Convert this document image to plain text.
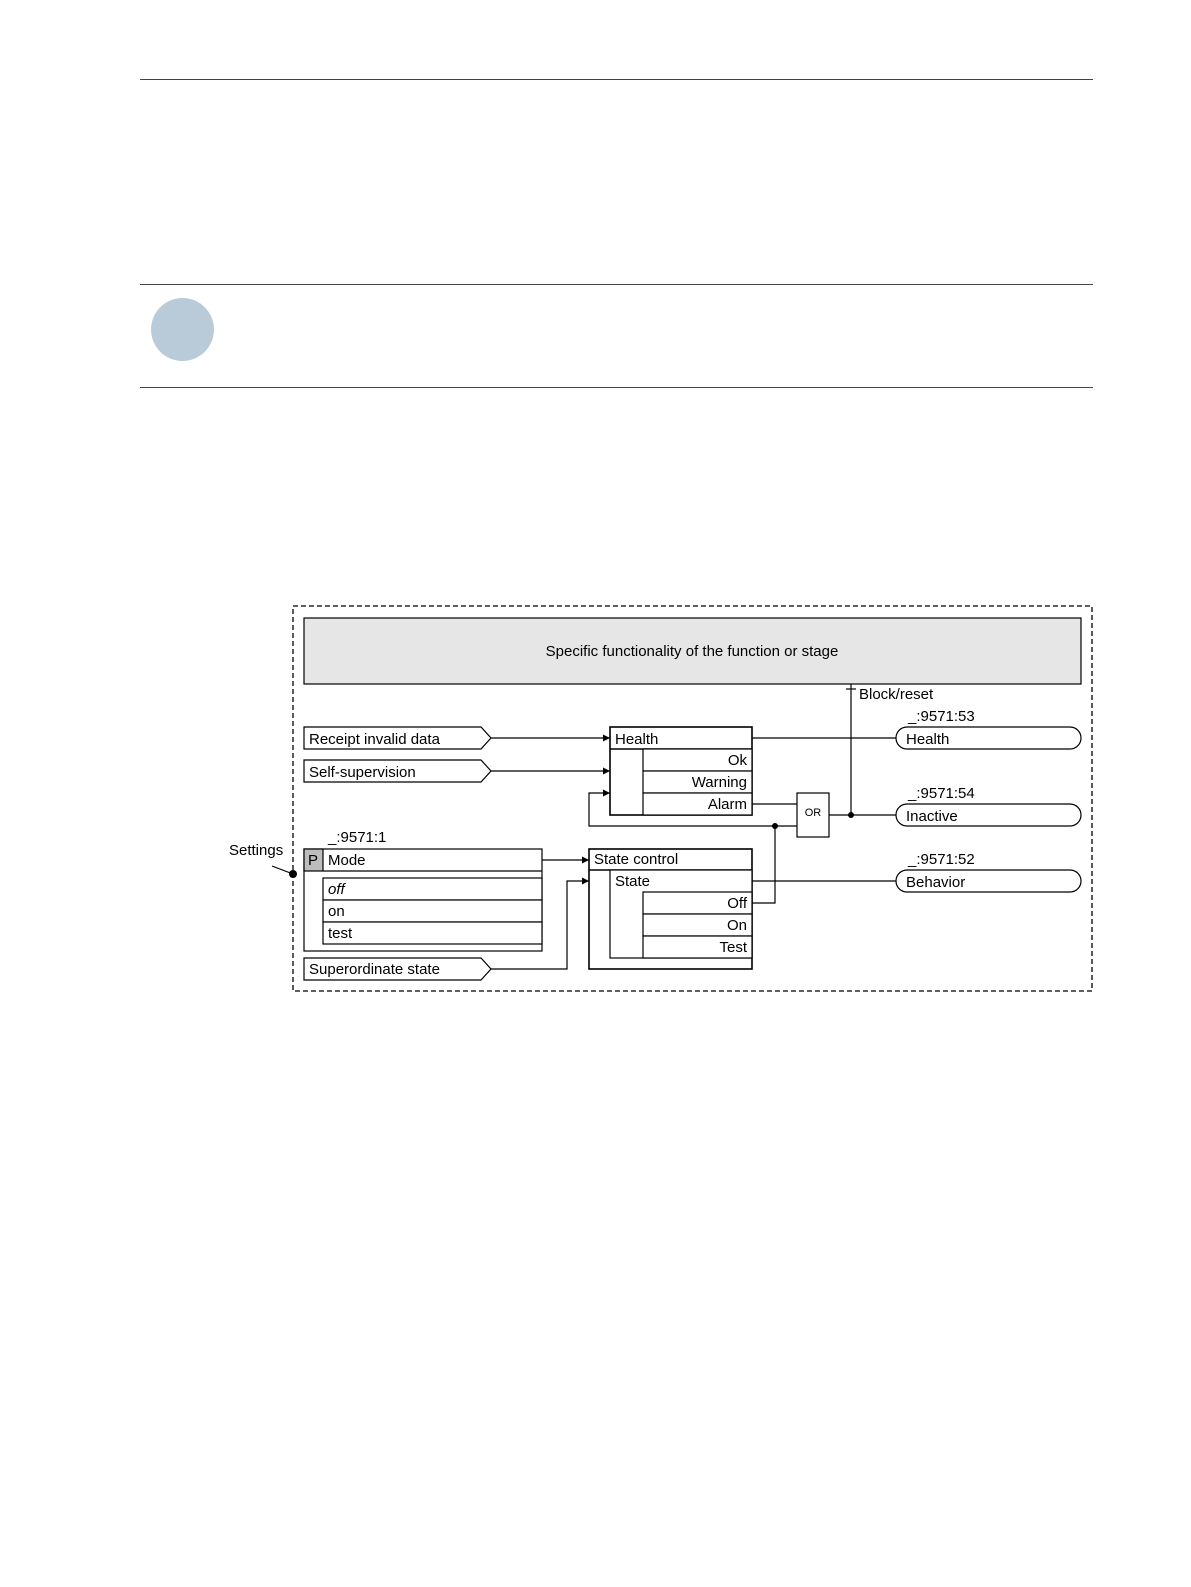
Specific functionality of the function or stage
Block/reset
Receipt invalid data
Self-supervision
Health
Ok
Warning
Alarm	OR
_:9571:53
Health
_:9571:54
Inactive
_:9571:52
Behavior
Settings
_:9571:1
P Mode
off
on
test
Superordinate state
State control
State
Off
On
Test
